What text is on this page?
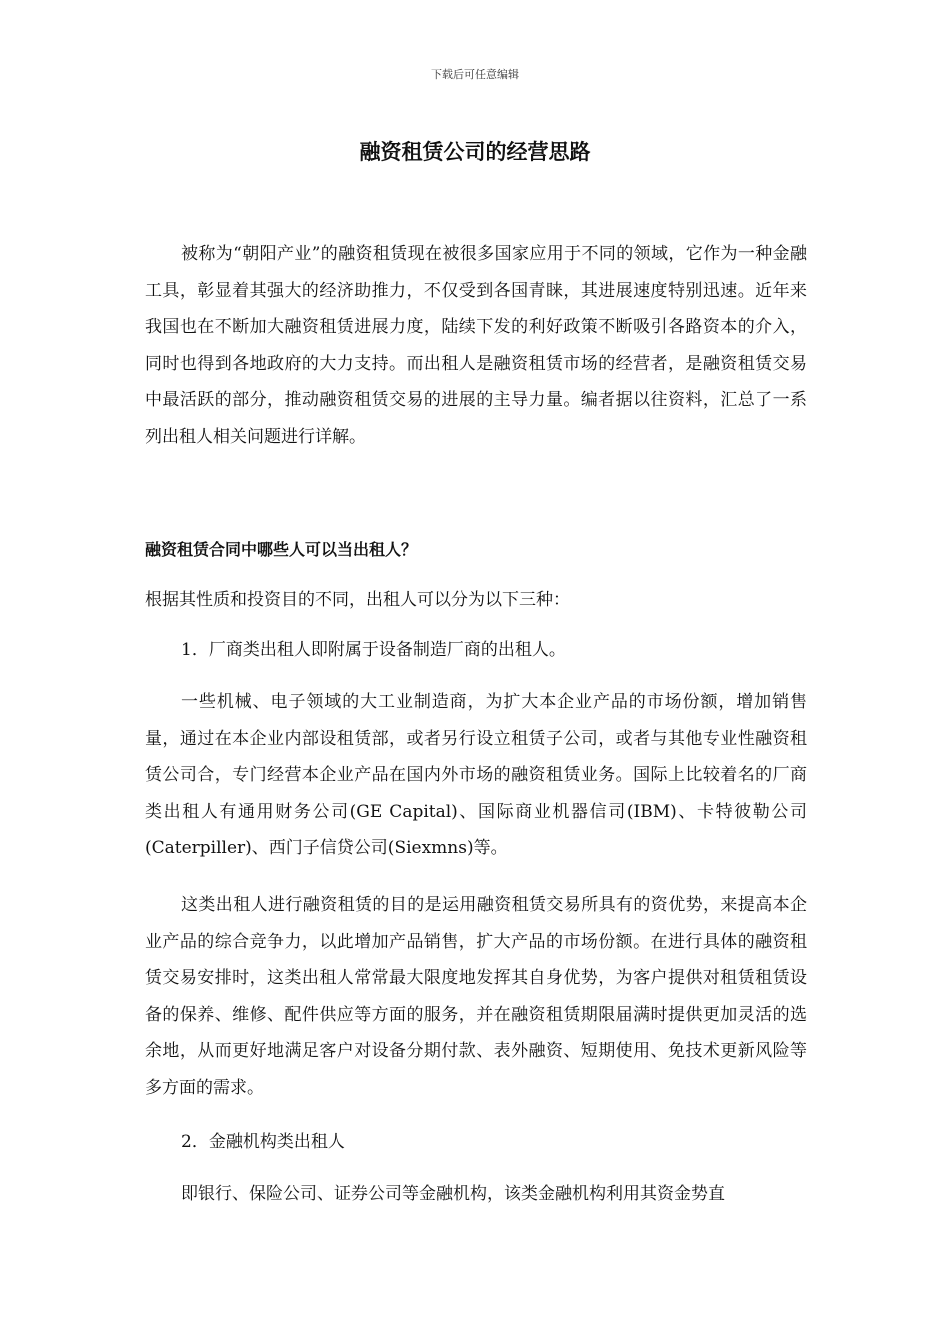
下载后可任意编辑
融资租赁公司的经营思路

被称为“朝阳产业”的融资租赁现在被很多国家应用于不同的领域，它作为一种金融工具，彰显着其强大的经济助推力，不仅受到各国青睐，其进展速度特别迅速。近年来我国也在不断加大融资租赁进展力度，陆续下发的利好政策不断吸引各路资本的介入，同时也得到各地政府的大力支持。而出租人是融资租赁市场的经营者，是融资租赁交易中最活跃的部分，推动融资租赁交易的进展的主导力量。编者据以往资料，汇总了一系列出租人相关问题进行详解。

融资租赁合同中哪些人可以当出租人？
根据其性质和投资目的不同，出租人可以分为以下三种：
1．厂商类出租人即附属于设备制造厂商的出租人。

一些机械、电子领域的大工业制造商，为扩大本企业产品的市场份额，增加销售量，通过在本企业内部设租赁部，或者另行设立租赁子公司，或者与其他专业性融资租赁公司合，专门经营本企业产品在国内外市场的融资租赁业务。国际上比较着名的厂商类出租人有通用财务公司(GE Capital)、国际商业机器信司(IBM)、卡特彼勒公司(Caterpiller)、西门子信贷公司(Siexmns)等。

这类出租人进行融资租赁的目的是运用融资租赁交易所具有的资优势，来提高本企业产品的综合竞争力，以此增加产品销售，扩大产品的市场份额。在进行具体的融资租赁交易安排时，这类出租人常常最大限度地发挥其自身优势，为客户提供对租赁租赁设备的保养、维修、配件供应等方面的服务，并在融资租赁期限届满时提供更加灵活的选余地，从而更好地满足客户对设备分期付款、表外融资、短期使用、免技术更新风险等多方面的需求。

2．金融机构类出租人

即银行、保险公司、证券公司等金融机构，该类金融机构利用其资金势直
